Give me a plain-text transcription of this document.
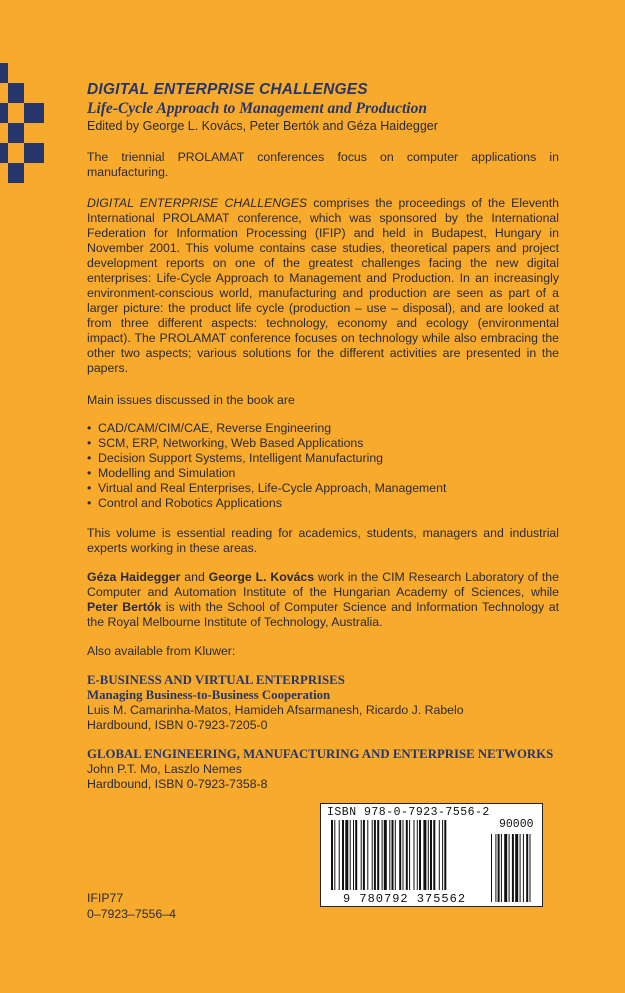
DIGITAL ENTERPRISE CHALLENGES
Life-Cycle Approach to Management and Production

Edited by George L. Kovács, Peter Bertók and Géza Haidegger

The triennial PROLAMAT conferences focus on computer applications in manufacturing.

DIGITAL ENTERPRISE CHALLENGES comprises the proceedings of the Eleventh International PROLAMAT conference, which was sponsored by the International Federation for Information Processing (IFIP) and held in Budapest, Hungary in November 2001. This volume contains case studies, theoretical papers and project development reports on one of the greatest challenges facing the new digital enterprises: Life-Cycle Approach to Management and Production. In an increasingly environment-conscious world, manufacturing and production are seen as part of a larger picture: the product life cycle (production – use – disposal), and are looked at from three different aspects: technology, economy and ecology (environmental impact). The PROLAMAT conference focuses on technology while also embracing the other two aspects; various solutions for the different activities are presented in the papers.

Main issues discussed in the book are

• CAD/CAM/CIM/CAE, Reverse Engineering
• SCM, ERP, Networking, Web Based Applications
• Decision Support Systems, Intelligent Manufacturing
• Modelling and Simulation
• Virtual and Real Enterprises, Life-Cycle Approach, Management
• Control and Robotics Applications

This volume is essential reading for academics, students, managers and industrial experts working in these areas.

Géza Haidegger and George L. Kovács work in the CIM Research Laboratory of the Computer and Automation Institute of the Hungarian Academy of Sciences, while Peter Bertók is with the School of Computer Science and Information Technology at the Royal Melbourne Institute of Technology, Australia.

Also available from Kluwer:

E-BUSINESS AND VIRTUAL ENTERPRISES

Managing Business-to-Business Cooperation

Luis M. Camarinha-Matos, Hamideh Afsarmanesh, Ricardo J. Rabelo

Hardbound, ISBN 0-7923-7205-0

GLOBAL ENGINEERING, MANUFACTURING AND ENTERPRISE NETWORKS

John P.T. Mo, Laszlo Nemes

Hardbound, ISBN 0-7923-7358-8

ISBN 978-0-7923-7556-2
90000
9 780792 375562
IFIP77
0–7923–7556–4
